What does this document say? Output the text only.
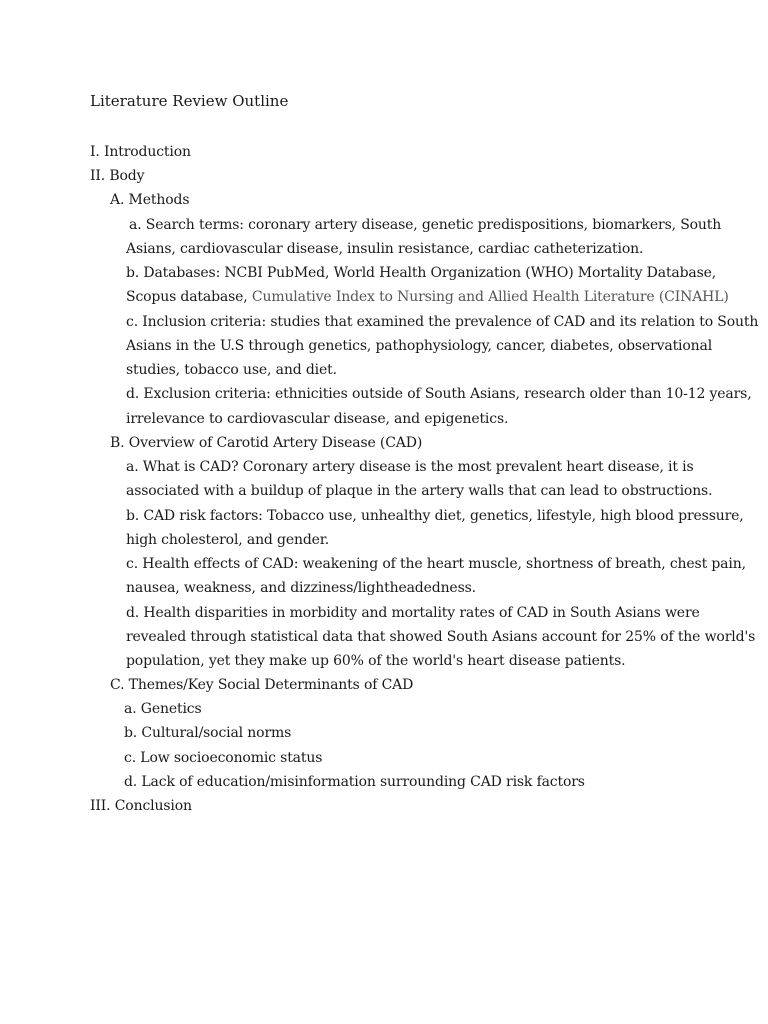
Literature Review Outline
I. Introduction
II. Body
A. Methods
a. Search terms: coronary artery disease, genetic predispositions, biomarkers, South
Asians, cardiovascular disease, insulin resistance, cardiac catheterization.
b. Databases: NCBI PubMed, World Health Organization (WHO) Mortality Database,
Scopus database, Cumulative Index to Nursing and Allied Health Literature (CINAHL)
c. Inclusion criteria: studies that examined the prevalence of CAD and its relation to South
Asians in the U.S through genetics, pathophysiology, cancer, diabetes, observational
studies, tobacco use, and diet.
d. Exclusion criteria: ethnicities outside of South Asians, research older than 10-12 years,
irrelevance to cardiovascular disease, and epigenetics.
B. Overview of Carotid Artery Disease (CAD)
a. What is CAD? Coronary artery disease is the most prevalent heart disease, it is
associated with a buildup of plaque in the artery walls that can lead to obstructions.
b. CAD risk factors: Tobacco use, unhealthy diet, genetics, lifestyle, high blood pressure,
high cholesterol, and gender.
c. Health effects of CAD: weakening of the heart muscle, shortness of breath, chest pain,
nausea, weakness, and dizziness/lightheadedness.
d. Health disparities in morbidity and mortality rates of CAD in South Asians were
revealed through statistical data that showed South Asians account for 25% of the world's
population, yet they make up 60% of the world's heart disease patients.
C. Themes/Key Social Determinants of CAD
a. Genetics
b. Cultural/social norms
c. Low socioeconomic status
d. Lack of education/misinformation surrounding CAD risk factors
III. Conclusion
